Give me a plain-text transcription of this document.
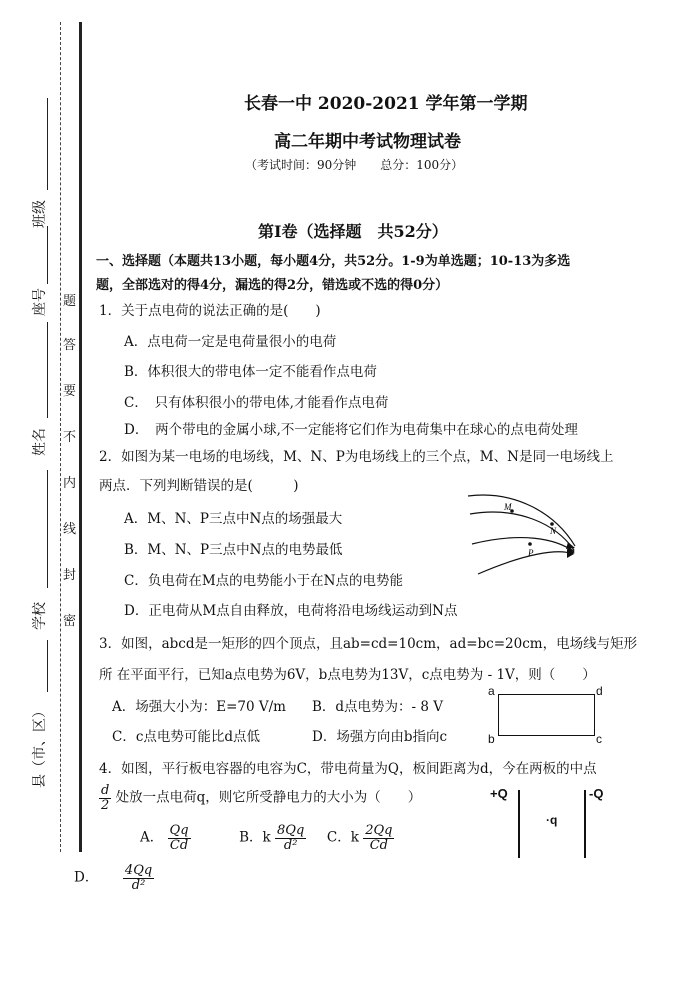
班级
座号
姓名
学校
县（市、区）
题
答
要
不
内
线
封
密
长春一中 2020-2021 学年第一学期
高二年期中考试物理试卷
（考试时间：90分钟　　总分：100分）
第Ⅰ卷（选择题　共52分）
一、选择题（本题共13小题，每小题4分，共52分。1-9为单选题；10-13为多选
题，全部选对的得4分，漏选的得2分，错选或不选的得0分）
1．关于点电荷的说法正确的是(　　)
A．点电荷一定是电荷量很小的电荷
B．体积很大的带电体一定不能看作点电荷
C．　只有体积很小的带电体,才能看作点电荷
D．　两个带电的金属小球,不一定能将它们作为电荷集中在球心的点电荷处理
2．如图为某一电场的电场线，M、N、P为电场线上的三个点，M、N是同一电场线上
两点．下列判断错误的是(　　　)
A．M、N、P三点中N点的场强最大
B．M、N、P三点中N点的电势最低
C．负电荷在M点的电势能小于在N点的电势能
D．正电荷从M点自由释放，电荷将沿电场线运动到N点
M
N
P
3．如图，abcd是一矩形的四个顶点，且ab=cd=10cm，ad=bc=20cm，电场线与矩形
所 在平面平行，已知a点电势为6V，b点电势为13V，c点电势为 - 1V，则（　　）
A．场强大小为：E=70 V/m B．d点电势为：- 8 V
C．c点电势可能比d点低	D．场强方向由b指向c
a	d
b	c
4．如图，平行板电容器的电容为C，带电荷量为Q，板间距离为d，今在两板的中点
$\frac{d}{2}$ 处放一点电荷q，则它所受静电力的大小为（　　）
A． $\frac{Qq}{Cd}$	B．k $\frac{8Qq}{\text{d²}}$ C．k $\frac{2Qq}{Cd}$
D． $\frac{4Qq}{\text{d²}}$
+Q
·q
-Q
